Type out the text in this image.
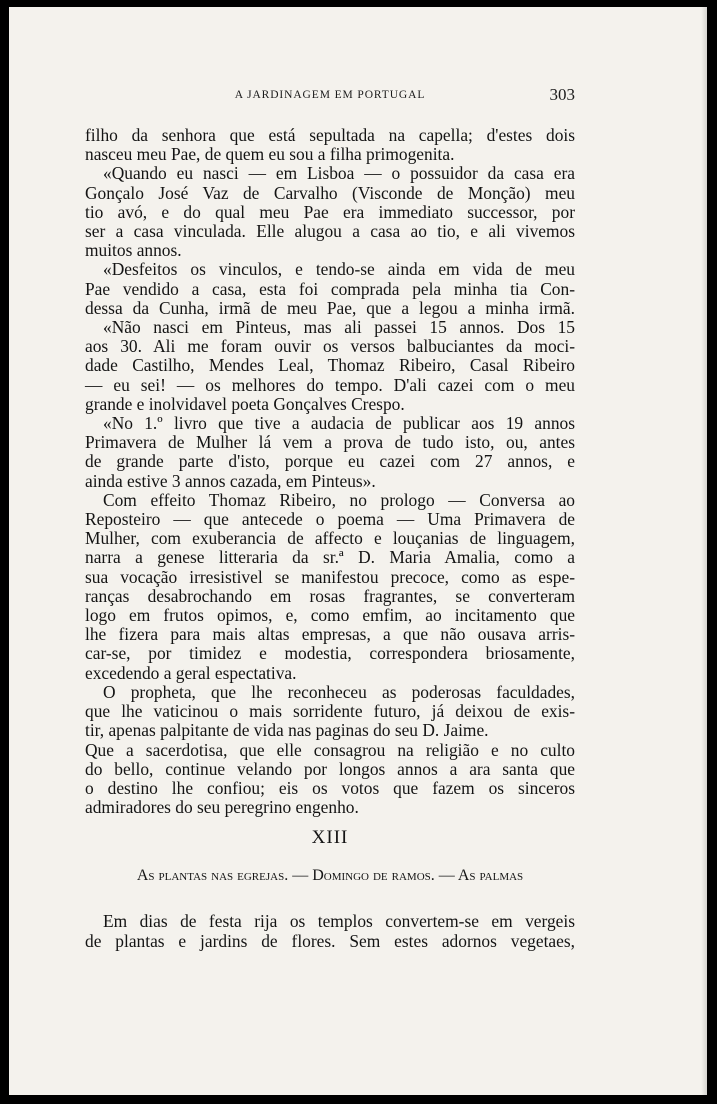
A JARDINAGEM EM PORTUGAL	303
filho da senhora que está sepultada na capella; d'estes dois
nasceu meu Pae, de quem eu sou a filha primogenita.
«Quando eu nasci — em Lisboa — o possuidor da casa era
Gonçalo José Vaz de Carvalho (Visconde de Monção) meu
tio avó, e do qual meu Pae era immediato successor, por
ser a casa vinculada. Elle alugou a casa ao tio, e ali vivemos
muitos annos.
«Desfeitos os vinculos, e tendo-se ainda em vida de meu
Pae vendido a casa, esta foi comprada pela minha tia Con-
dessa da Cunha, irmã de meu Pae, que a legou a minha irmã.
«Não nasci em Pinteus, mas ali passei 15 annos. Dos 15
aos 30. Ali me foram ouvir os versos balbuciantes da moci-
dade Castilho, Mendes Leal, Thomaz Ribeiro, Casal Ribeiro
— eu sei! — os melhores do tempo. D'ali cazei com o meu
grande e inolvidavel poeta Gonçalves Crespo.
«No 1.º livro que tive a audacia de publicar aos 19 annos
Primavera de Mulher lá vem a prova de tudo isto, ou, antes
de grande parte d'isto, porque eu cazei com 27 annos, e
ainda estive 3 annos cazada, em Pinteus».
Com effeito Thomaz Ribeiro, no prologo — Conversa ao
Reposteiro — que antecede o poema — Uma Primavera de
Mulher, com exuberancia de affecto e louçanias de linguagem,
narra a genese litteraria da sr.ª D. Maria Amalia, como a
sua vocação irresistivel se manifestou precoce, como as espe-
ranças desabrochando em rosas fragrantes, se converteram
logo em frutos opimos, e, como emfim, ao incitamento que
lhe fizera para mais altas empresas, a que não ousava arris-
car-se, por timidez e modestia, correspondera briosamente,
excedendo a geral espectativa.
O propheta, que lhe reconheceu as poderosas faculdades,
que lhe vaticinou o mais sorridente futuro, já deixou de exis-
tir, apenas palpitante de vida nas paginas do seu D. Jaime.
Que a sacerdotisa, que elle consagrou na religião e no culto
do bello, continue velando por longos annos a ara santa que
o destino lhe confiou; eis os votos que fazem os sinceros
admiradores do seu peregrino engenho.
XIII
As plantas nas egrejas. — Domingo de ramos. — As palmas
Em dias de festa rija os templos convertem-se em vergeis
de plantas e jardins de flores. Sem estes adornos vegetaes,
